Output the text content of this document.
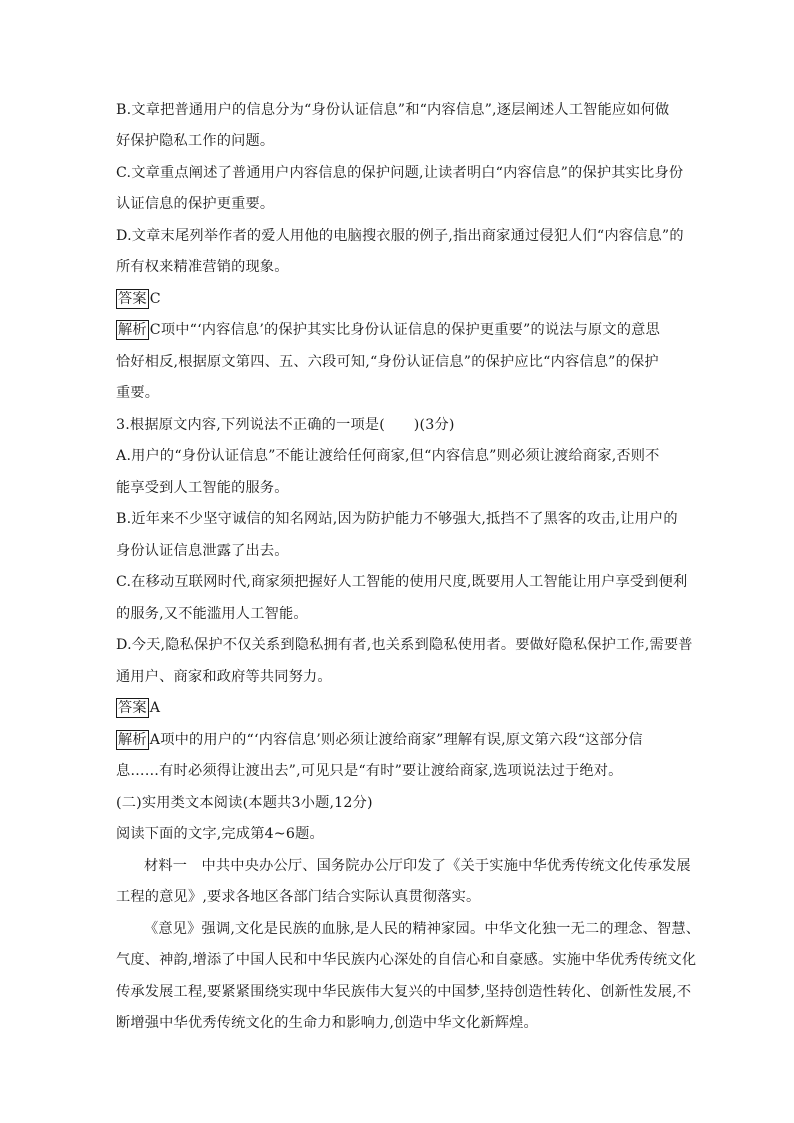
B.文章把普通用户的信息分为“身份认证信息”和“内容信息”,逐层阐述人工智能应如何做
好保护隐私工作的问题。
C.文章重点阐述了普通用户内容信息的保护问题,让读者明白“内容信息”的保护其实比身份
认证信息的保护更重要。
D.文章末尾列举作者的爱人用他的电脑搜衣服的例子,指出商家通过侵犯人们“内容信息”的
所有权来精准营销的现象。
答案 C
解析 C项中“‘内容信息’的保护其实比身份认证信息的保护更重要”的说法与原文的意思
恰好相反,根据原文第四、五、六段可知,“身份认证信息”的保护应比“内容信息”的保护
重要。
3.根据原文内容,下列说法不正确的一项是(　　)(3分)
A.用户的“身份认证信息”不能让渡给任何商家,但“内容信息”则必须让渡给商家,否则不
能享受到人工智能的服务。
B.近年来不少坚守诚信的知名网站,因为防护能力不够强大,抵挡不了黑客的攻击,让用户的
身份认证信息泄露了出去。
C.在移动互联网时代,商家须把握好人工智能的使用尺度,既要用人工智能让用户享受到便利
的服务,又不能滥用人工智能。
D.今天,隐私保护不仅关系到隐私拥有者,也关系到隐私使用者。要做好隐私保护工作,需要普
通用户、商家和政府等共同努力。
答案 A
解析 A项中的用户的“‘内容信息’则必须让渡给商家”理解有误,原文第六段“这部分信
息……有时必须得让渡出去”,可见只是“有时”要让渡给商家,选项说法过于绝对。
(二)实用类文本阅读(本题共3小题,12分)
阅读下面的文字,完成第4~6题。
材料一　中共中央办公厅、国务院办公厅印发了《关于实施中华优秀传统文化传承发展
工程的意见》,要求各地区各部门结合实际认真贯彻落实。
《意见》强调,文化是民族的血脉,是人民的精神家园。中华文化独一无二的理念、智慧、
气度、神韵,增添了中国人民和中华民族内心深处的自信心和自豪感。实施中华优秀传统文化
传承发展工程,要紧紧围绕实现中华民族伟大复兴的中国梦,坚持创造性转化、创新性发展,不
断增强中华优秀传统文化的生命力和影响力,创造中华文化新辉煌。
